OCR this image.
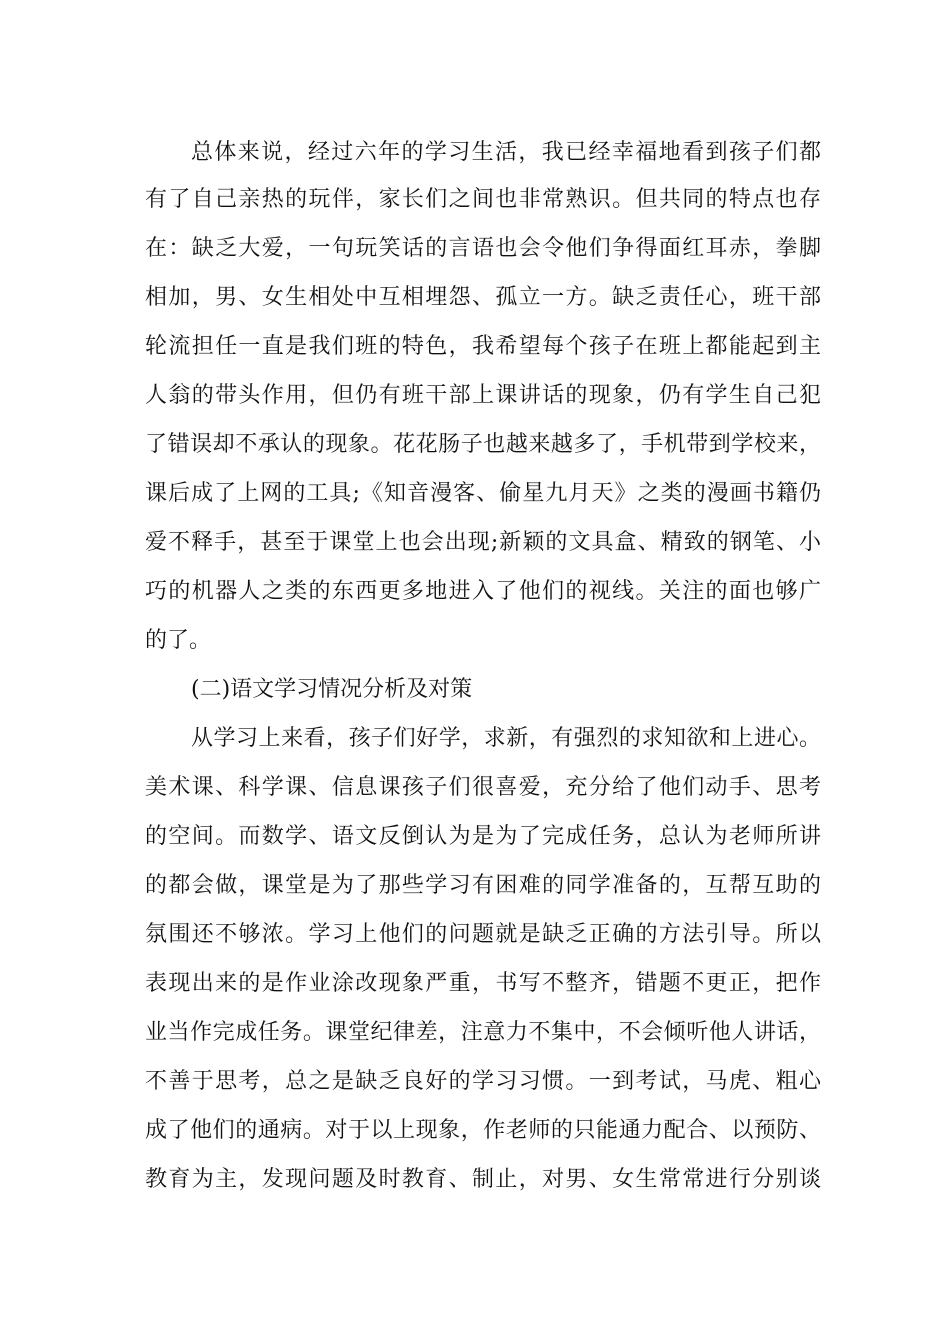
总体来说，经过六年的学习生活，我已经幸福地看到孩子们都
有了自己亲热的玩伴，家长们之间也非常熟识。但共同的特点也存
在：缺乏大爱，一句玩笑话的言语也会令他们争得面红耳赤，拳脚
相加，男、女生相处中互相埋怨、孤立一方。缺乏责任心，班干部
轮流担任一直是我们班的特色，我希望每个孩子在班上都能起到主
人翁的带头作用，但仍有班干部上课讲话的现象，仍有学生自己犯
了错误却不承认的现象。花花肠子也越来越多了，手机带到学校来，
课后成了上网的工具;《知音漫客、偷星九月天》之类的漫画书籍仍
爱不释手，甚至于课堂上也会出现;新颖的文具盒、精致的钢笔、小
巧的机器人之类的东西更多地进入了他们的视线。关注的面也够广
的了。
(二)语文学习情况分析及对策
从学习上来看，孩子们好学，求新，有强烈的求知欲和上进心。
美术课、科学课、信息课孩子们很喜爱，充分给了他们动手、思考
的空间。而数学、语文反倒认为是为了完成任务，总认为老师所讲
的都会做，课堂是为了那些学习有困难的同学准备的，互帮互助的
氛围还不够浓。学习上他们的问题就是缺乏正确的方法引导。所以
表现出来的是作业涂改现象严重，书写不整齐，错题不更正，把作
业当作完成任务。课堂纪律差，注意力不集中，不会倾听他人讲话，
不善于思考，总之是缺乏良好的学习习惯。一到考试，马虎、粗心
成了他们的通病。对于以上现象，作老师的只能通力配合、以预防、
教育为主，发现问题及时教育、制止，对男、女生常常进行分别谈
